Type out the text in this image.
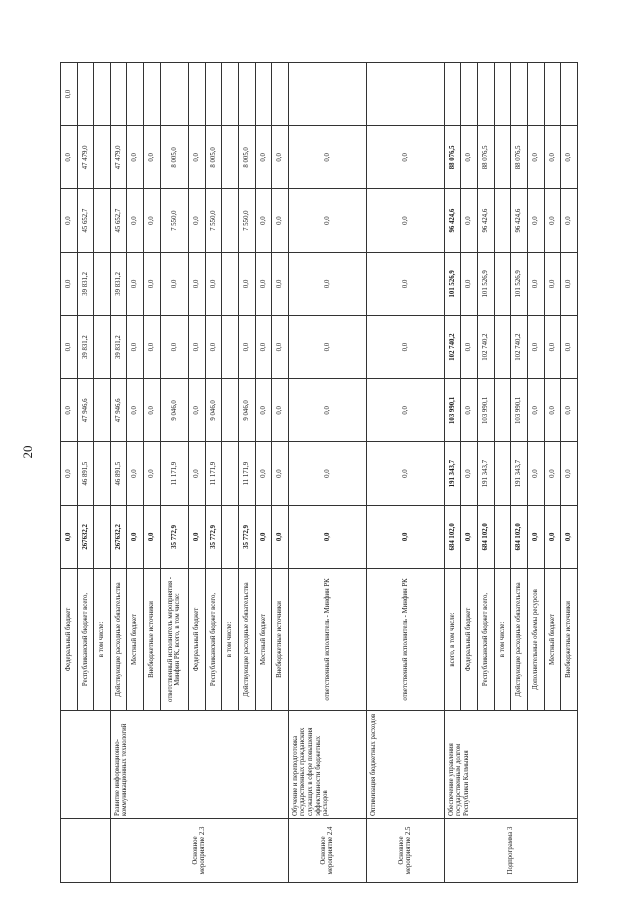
20
		Федеральный бюджет	0,0	0,0	0,0	0,0	0,0	0,0	0,0	0,0
		Республиканский бюджет всего,	267632,2	46 891,5	47 946,6	39 831,2	39 831,2	45 652,7	47 479,0	
		в том числе:								
Основное мероприятие 2.3	Развитие информационно-коммуникационных технологий	Действующие расходные обязательства	267632,2	46 891,5	47 946,6	39 831,2	39 831,2	45 652,7	47 479,0	
		Местный бюджет	0,0	0,0	0,0	0,0	0,0	0,0	0,0	
		Внебюджетные источники	0,0	0,0	0,0	0,0	0,0	0,0	0,0	
		ответственный исполнитель мероприятия - Минфин РК, всего, в том числе:	35 772,9	11 171,9	9 046,0	0,0	0,0	7 550,0	8 005,0	
		Федеральный бюджет	0,0	0,0	0,0	0,0	0,0	0,0	0,0	
		Республиканский бюджет всего,	35 772,9	11 171,9	9 046,0	0,0	0,0	7 550,0	8 005,0	
		в том числе:								
		Действующие расходные обязательства	35 772,9	11 171,9	9 046,0	0,0	0,0	7 550,0	8 005,0	
		Местный бюджет	0,0	0,0	0,0	0,0	0,0	0,0	0,0	
		Внебюджетные источники	0,0	0,0	0,0	0,0	0,0	0,0	0,0	
Основное мероприятие 2.4	Обучение и переподготовка государственных гражданских служащих в сфере повышения эффективности бюджетных расходов	ответственный исполнитель - Минфин РК	0,0	0,0	0,0	0,0	0,0	0,0	0,0	
Основное мероприятие 2.5	Оптимизация бюджетных расходов	ответственный исполнитель - Минфин РК	0,0	0,0	0,0	0,0	0,0	0,0	0,0	
Подпрограмма 3	Обеспечение управления государственным долгом Республики Калмыкия	всего, в том числе:	684 102,0	191 343,7	103 990,1	102 740,2	101 526,9	96 424,6	88 076,5	
		Федеральный бюджет	0,0	0,0	0,0	0,0	0,0	0,0	0,0	
		Республиканский бюджет всего,	684 102,0	191 343,7	103 990,1	102 740,2	101 526,9	96 424,6	88 076,5	
		в том числе:								
		Действующие расходные обязательства	684 102,0	191 343,7	103 990,1	102 740,2	101 526,9	96 424,6	88 076,5	
		Дополнительные объемы ресурсов	0,0	0,0	0,0	0,0	0,0	0,0	0,0	
		Местный бюджет	0,0	0,0	0,0	0,0	0,0	0,0	0,0	
		Внебюджетные источники	0,0	0,0	0,0	0,0	0,0	0,0	0,0	
